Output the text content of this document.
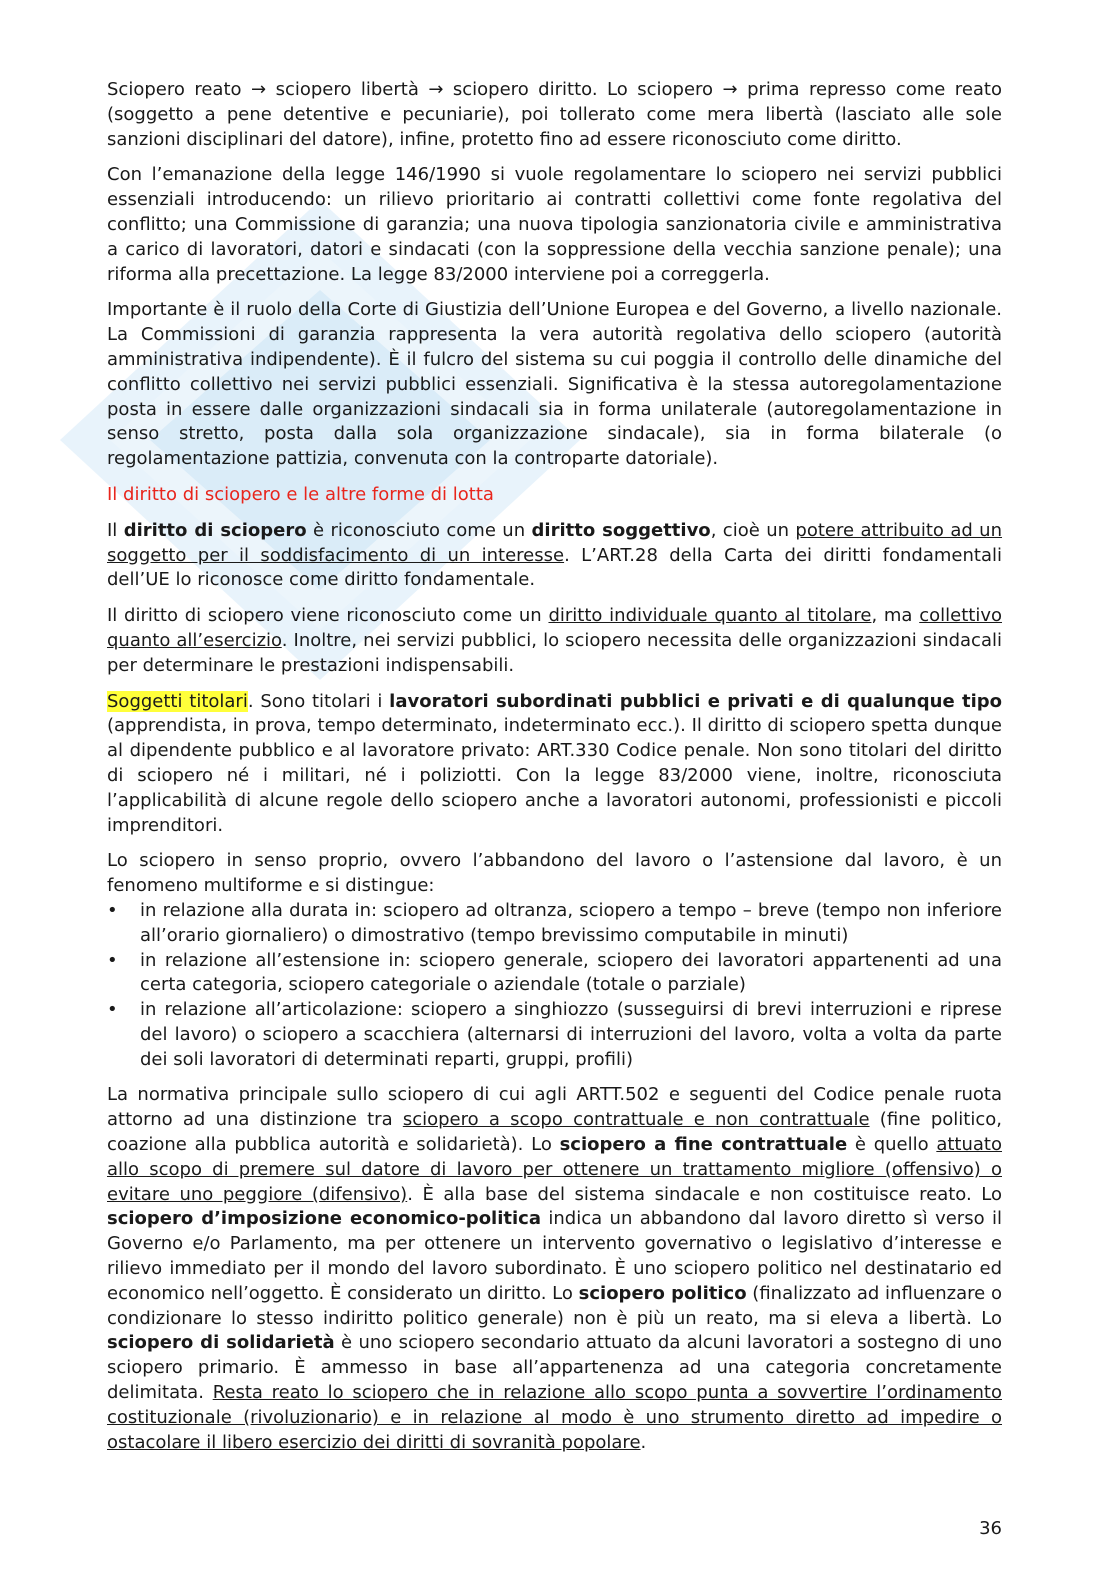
Sciopero reato → sciopero libertà → sciopero diritto. Lo sciopero → prima represso come reato (soggetto a pene detentive e pecuniarie), poi tollerato come mera libertà (lasciato alle sole sanzioni disciplinari del datore), infine, protetto fino ad essere riconosciuto come diritto.

Con l’emanazione della legge 146/1990 si vuole regolamentare lo sciopero nei servizi pubblici essenziali introducendo: un rilievo prioritario ai contratti collettivi come fonte regolativa del conflitto; una Commissione di garanzia; una nuova tipologia sanzionatoria civile e amministrativa a carico di lavoratori, datori e sindacati (con la soppressione della vecchia sanzione penale); una riforma alla precettazione. La legge 83/2000 interviene poi a correggerla.

Importante è il ruolo della Corte di Giustizia dell’Unione Europea e del Governo, a livello nazionale. La Commissioni di garanzia rappresenta la vera autorità regolativa dello sciopero (autorità amministrativa indipendente). È il fulcro del sistema su cui poggia il controllo delle dinamiche del conflitto collettivo nei servizi pubblici essenziali. Significativa è la stessa autoregolamentazione posta in essere dalle organizzazioni sindacali sia in forma unilaterale (autoregolamentazione in senso stretto, posta dalla sola organizzazione sindacale), sia in forma bilaterale (o regolamentazione pattizia, convenuta con la controparte datoriale).

Il diritto di sciopero e le altre forme di lotta

Il diritto di sciopero è riconosciuto come un diritto soggettivo, cioè un potere attribuito ad un soggetto per il soddisfacimento di un interesse. L’ART.28 della Carta dei diritti fondamentali dell’UE lo riconosce come diritto fondamentale.

Il diritto di sciopero viene riconosciuto come un diritto individuale quanto al titolare, ma collettivo quanto all’esercizio. Inoltre, nei servizi pubblici, lo sciopero necessita delle organizzazioni sindacali per determinare le prestazioni indispensabili.

Soggetti titolari. Sono titolari i lavoratori subordinati pubblici e privati e di qualunque tipo (apprendista, in prova, tempo determinato, indeterminato ecc.). Il diritto di sciopero spetta dunque al dipendente pubblico e al lavoratore privato: ART.330 Codice penale. Non sono titolari del diritto di sciopero né i militari, né i poliziotti. Con la legge 83/2000 viene, inoltre, riconosciuta l’applicabilità di alcune regole dello sciopero anche a lavoratori autonomi, professionisti e piccoli imprenditori.

Lo sciopero in senso proprio, ovvero l’abbandono del lavoro o l’astensione dal lavoro, è un fenomeno multiforme e si distingue:

• in relazione alla durata in: sciopero ad oltranza, sciopero a tempo – breve (tempo non inferiore all’orario giornaliero) o dimostrativo (tempo brevissimo computabile in minuti)
• in relazione all’estensione in: sciopero generale, sciopero dei lavoratori appartenenti ad una certa categoria, sciopero categoriale o aziendale (totale o parziale)
• in relazione all’articolazione: sciopero a singhiozzo (susseguirsi di brevi interruzioni e riprese del lavoro) o sciopero a scacchiera (alternarsi di interruzioni del lavoro, volta a volta da parte dei soli lavoratori di determinati reparti, gruppi, profili)

La normativa principale sullo sciopero di cui agli ARTT.502 e seguenti del Codice penale ruota attorno ad una distinzione tra sciopero a scopo contrattuale e non contrattuale (fine politico, coazione alla pubblica autorità e solidarietà). Lo sciopero a fine contrattuale è quello attuato allo scopo di premere sul datore di lavoro per ottenere un trattamento migliore (offensivo) o evitare uno peggiore (difensivo). È alla base del sistema sindacale e non costituisce reato. Lo sciopero d’imposizione economico-politica indica un abbandono dal lavoro diretto sì verso il Governo e/o Parlamento, ma per ottenere un intervento governativo o legislativo d’interesse e rilievo immediato per il mondo del lavoro subordinato. È uno sciopero politico nel destinatario ed economico nell’oggetto. È considerato un diritto. Lo sciopero politico (finalizzato ad influenzare o condizionare lo stesso indiritto politico generale) non è più un reato, ma si eleva a libertà. Lo sciopero di solidarietà è uno sciopero secondario attuato da alcuni lavoratori a sostegno di uno sciopero primario. È ammesso in base all’appartenenza ad una categoria concretamente delimitata. Resta reato lo sciopero che in relazione allo scopo punta a sovvertire l’ordinamento costituzionale (rivoluzionario) e in relazione al modo è uno strumento diretto ad impedire o ostacolare il libero esercizio dei diritti di sovranità popolare.

36
